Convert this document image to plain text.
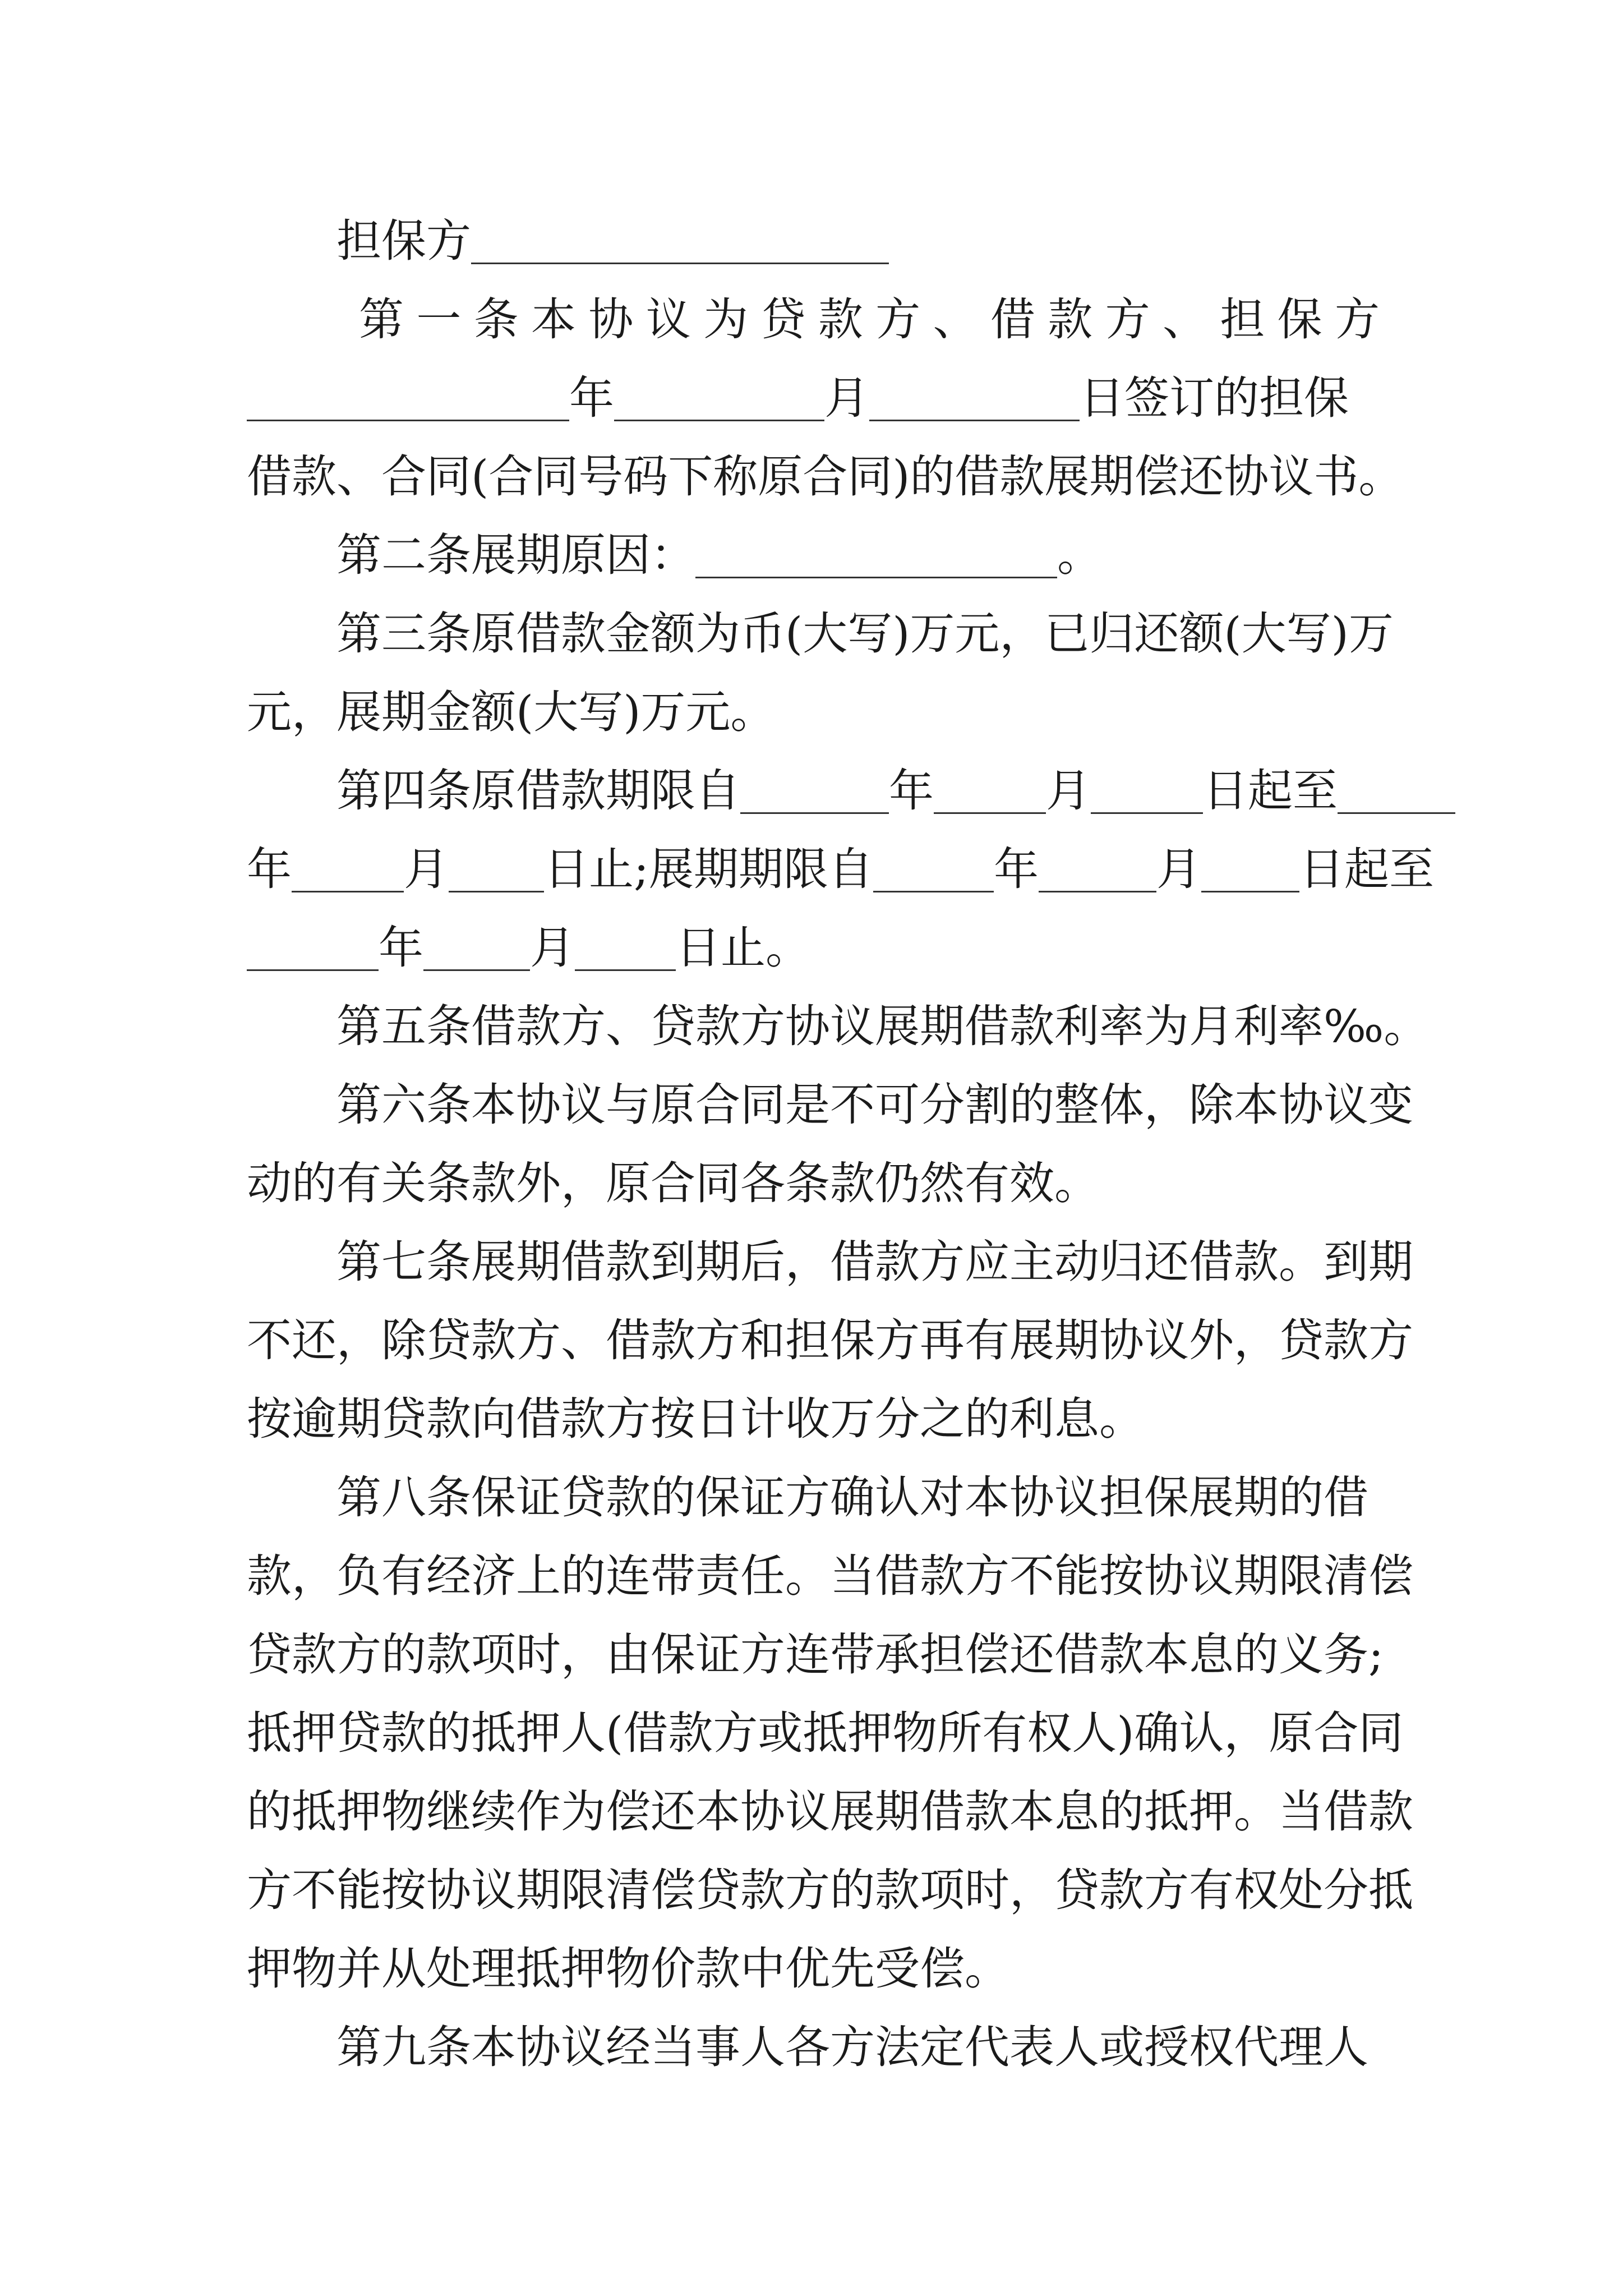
担保方

第一条本协议为贷款方、借款方、担保方

年	月	日签订的担保

借款、合同(合同号码下称原合同)的借款展期偿还协议书。

第二条展期原因：	。

第三条原借款金额为币(大写)万元，已归还额(大写)万

元，展期金额(大写)万元。

第四条原借款期限自	年	月	日起至

年	月 日止;展期期限自	年	月 日起至

年 月 日止。

第五条借款方、贷款方协议展期借款利率为月利率‰。

第六条本协议与原合同是不可分割的整体，除本协议变

动的有关条款外，原合同各条款仍然有效。

第七条展期借款到期后，借款方应主动归还借款。到期

不还，除贷款方、借款方和担保方再有展期协议外，贷款方

按逾期贷款向借款方按日计收万分之的利息。

第八条保证贷款的保证方确认对本协议担保展期的借

款，负有经济上的连带责任。当借款方不能按协议期限清偿

贷款方的款项时，由保证方连带承担偿还借款本息的义务;

抵押贷款的抵押人(借款方或抵押物所有权人)确认，原合同

的抵押物继续作为偿还本协议展期借款本息的抵押。当借款

方不能按协议期限清偿贷款方的款项时，贷款方有权处分抵

押物并从处理抵押物价款中优先受偿。

第九条本协议经当事人各方法定代表人或授权代理人
